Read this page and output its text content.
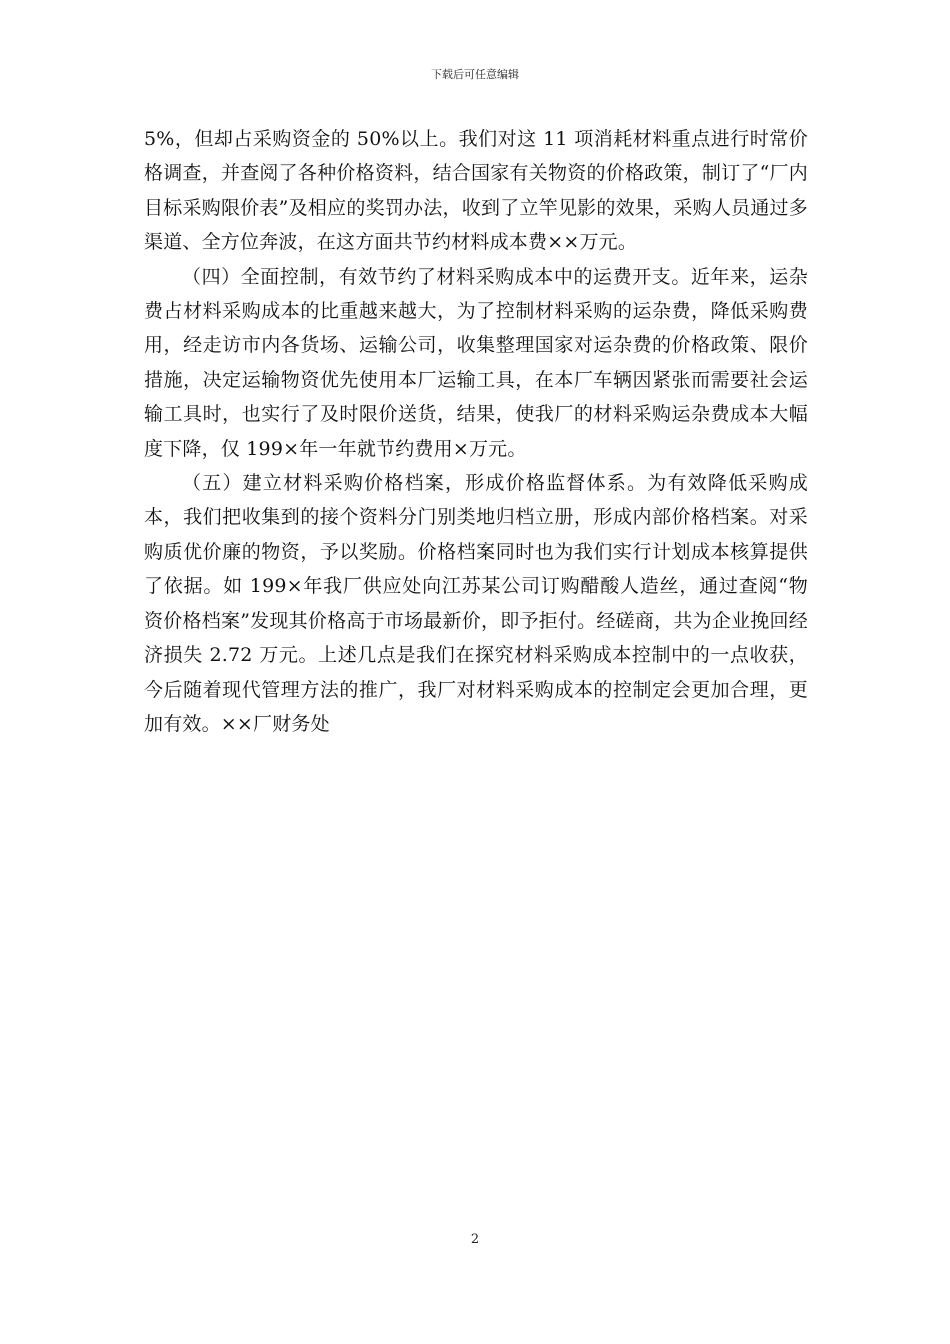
下载后可任意编辑

5%，但却占采购资金的 50%以上。我们对这 11 项消耗材料重点进行时常价格调查，并查阅了各种价格资料，结合国家有关物资的价格政策，制订了“厂内目标采购限价表”及相应的奖罚办法，收到了立竿见影的效果，采购人员通过多渠道、全方位奔波，在这方面共节约材料成本费××万元。

（四）全面控制，有效节约了材料采购成本中的运费开支。近年来，运杂费占材料采购成本的比重越来越大，为了控制材料采购的运杂费，降低采购费用，经走访市内各货场、运输公司，收集整理国家对运杂费的价格政策、限价措施，决定运输物资优先使用本厂运输工具，在本厂车辆因紧张而需要社会运输工具时，也实行了及时限价送货，结果，使我厂的材料采购运杂费成本大幅度下降，仅 199×年一年就节约费用×万元。

（五）建立材料采购价格档案，形成价格监督体系。为有效降低采购成本，我们把收集到的接个资料分门别类地归档立册，形成内部价格档案。对采购质优价廉的物资，予以奖励。价格档案同时也为我们实行计划成本核算提供了依据。如 199×年我厂供应处向江苏某公司订购醋酸人造丝，通过查阅“物资价格档案”发现其价格高于市场最新价，即予拒付。经磋商，共为企业挽回经济损失 2.72 万元。上述几点是我们在探究材料采购成本控制中的一点收获，今后随着现代管理方法的推广，我厂对材料采购成本的控制定会更加合理，更加有效。××厂财务处

2
